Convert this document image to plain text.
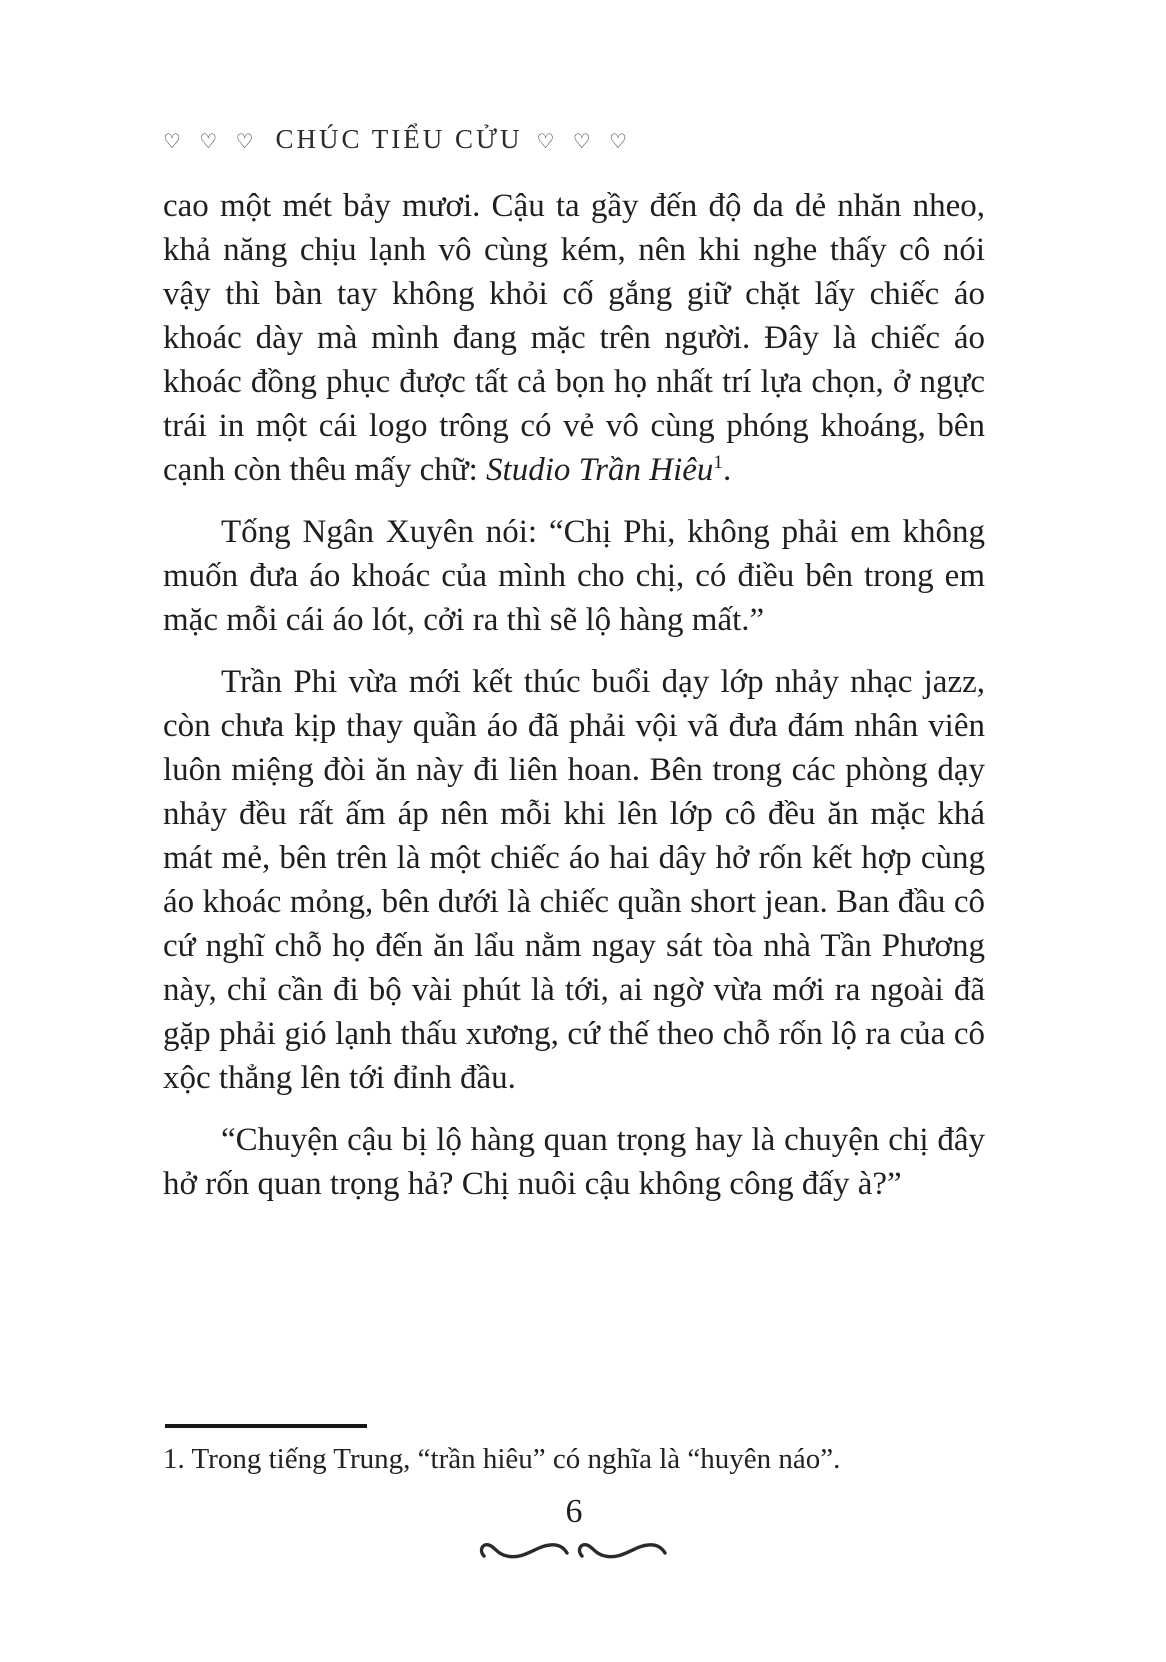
♡ ♡ ♡ CHÚC TIỂU CỬU ♡ ♡ ♡

cao một mét bảy mươi. Cậu ta gầy đến độ da dẻ nhăn nheo, khả năng chịu lạnh vô cùng kém, nên khi nghe thấy cô nói vậy thì bàn tay không khỏi cố gắng giữ chặt lấy chiếc áo khoác dày mà mình đang mặc trên người. Đây là chiếc áo khoác đồng phục được tất cả bọn họ nhất trí lựa chọn, ở ngực trái in một cái logo trông có vẻ vô cùng phóng khoáng, bên cạnh còn thêu mấy chữ: Studio Trần Hiêu$^1$.

Tống Ngân Xuyên nói: “Chị Phi, không phải em không muốn đưa áo khoác của mình cho chị, có điều bên trong em mặc mỗi cái áo lót, cởi ra thì sẽ lộ hàng mất.”

Trần Phi vừa mới kết thúc buổi dạy lớp nhảy nhạc jazz, còn chưa kịp thay quần áo đã phải vội vã đưa đám nhân viên luôn miệng đòi ăn này đi liên hoan. Bên trong các phòng dạy nhảy đều rất ấm áp nên mỗi khi lên lớp cô đều ăn mặc khá mát mẻ, bên trên là một chiếc áo hai dây hở rốn kết hợp cùng áo khoác mỏng, bên dưới là chiếc quần short jean. Ban đầu cô cứ nghĩ chỗ họ đến ăn lẩu nằm ngay sát tòa nhà Tần Phương này, chỉ cần đi bộ vài phút là tới, ai ngờ vừa mới ra ngoài đã gặp phải gió lạnh thấu xương, cứ thế theo chỗ rốn lộ ra của cô xộc thẳng lên tới đỉnh đầu.

“Chuyện cậu bị lộ hàng quan trọng hay là chuyện chị đây hở rốn quan trọng hả? Chị nuôi cậu không công đấy à?”

1. Trong tiếng Trung, “trần hiêu” có nghĩa là “huyên náo”.

6
